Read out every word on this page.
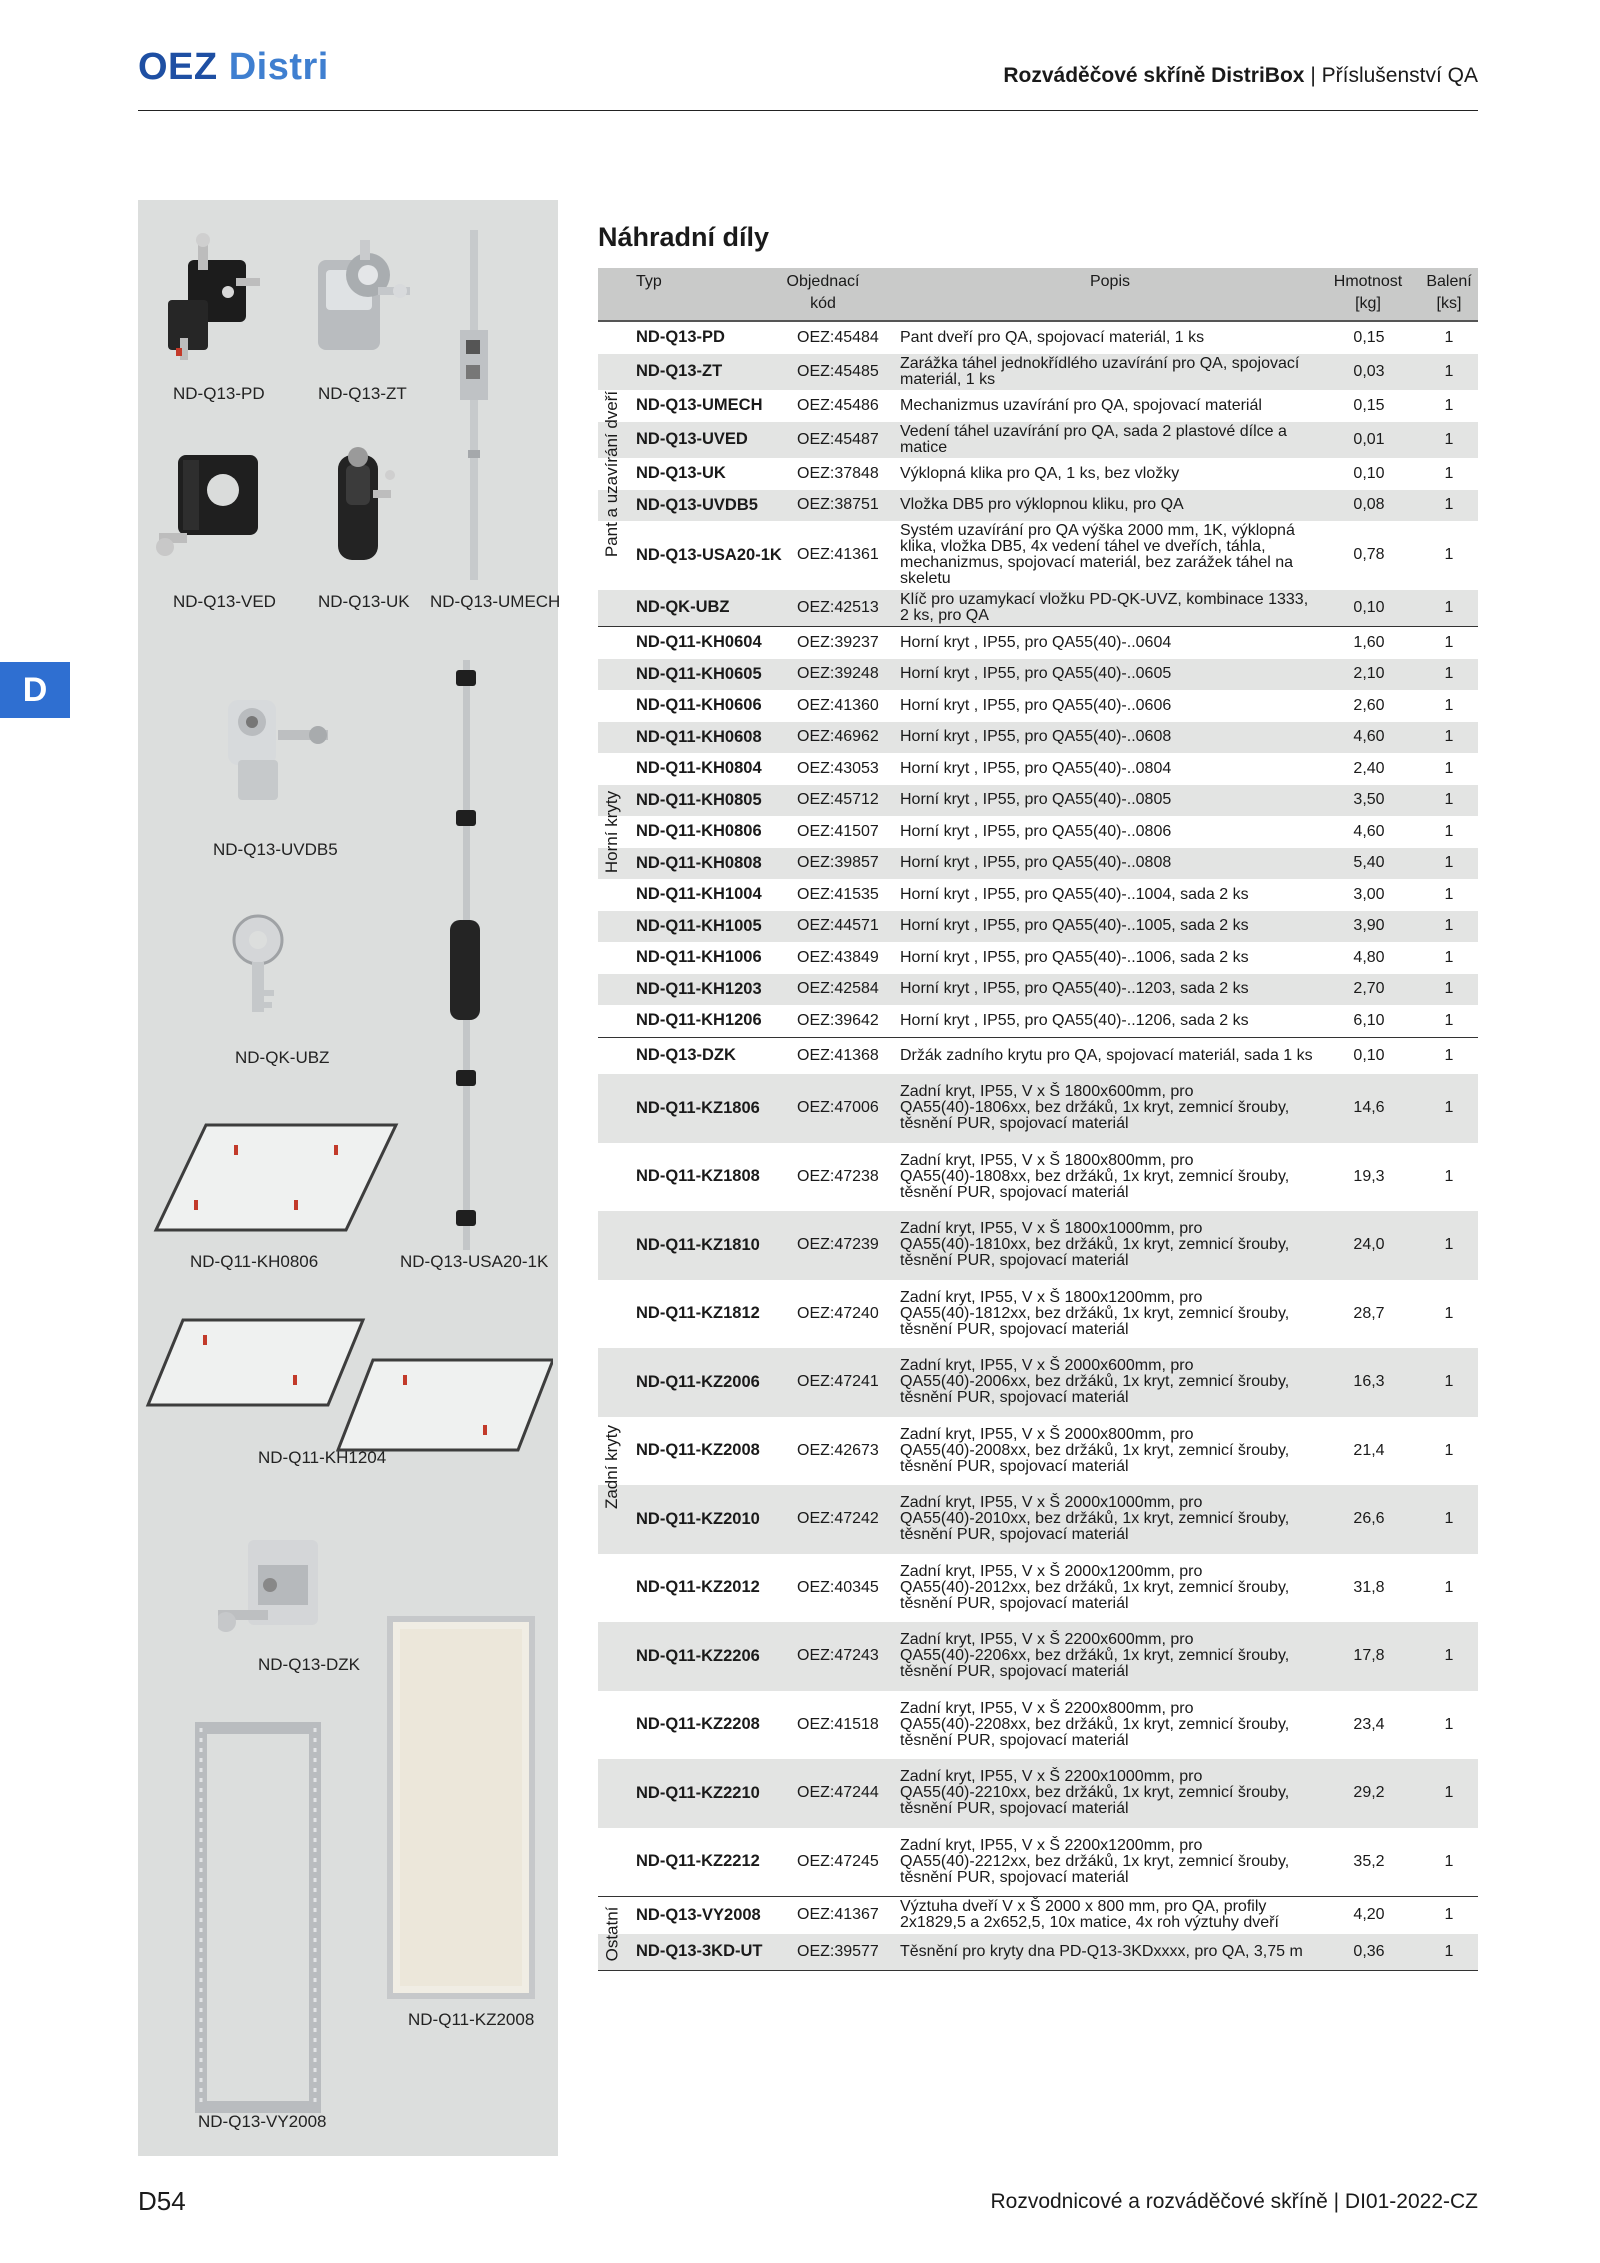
OEZ Distri	Rozváděčové skříně DistriBox | Příslušenství QA
D
ND-Q13-PD	ND-Q13-ZT
ND-Q13-VED ND-Q13-UK ND-Q13-UMECH
ND-Q13-UVDB5
ND-QK-UBZ
ND-Q11-KH0806	ND-Q13-USA20-1K
ND-Q11-KH1204
ND-Q13-DZK
ND-Q11-KZ2008
ND-Q13-VY2008
Náhradní díly
Typ	Objednací
kód
Popis	Hmotnost
[kg]
Balení
[ks]
ND-Q13-PD	OEZ:45484 Pant dveří pro QA, spojovací materiál, 1 ks	0,15	1
ND-Q13-ZT	OEZ:45485 Zarážka táhel jednokřídlého uzavírání pro QA, spojovací materiál, 1 ks	0,03	1
ND-Q13-UMECH OEZ:45486 Mechanizmus uzavírání pro QA, spojovací materiál	0,15	1
ND-Q13-UVED	OEZ:45487 Vedení táhel uzavírání pro QA, sada 2 plastové dílce a matice	0,01	1
ND-Q13-UK	OEZ:37848 Výklopná klika pro QA, 1 ks, bez vložky	0,10	1
ND-Q13-UVDB5 OEZ:38751 Vložka DB5 pro výklopnou kliku, pro QA	0,08	1
ND-Q13-USA20-1K OEZ:41361
Systém uzavírání pro QA výška 2000 mm, 1K, výklopná klika, vložka DB5, 4x vedení táhel ve dveřích, táhla, mechanizmus, spojovací materiál, bez zarážek táhel na skeletu
0,78	1
ND-QK-UBZ	OEZ:42513 Klíč pro uzamykací vložku PD-QK-UVZ, kombinace 1333, 2 ks, pro QA	0,10	1
Pant a uzavírání dveří
ND-Q11-KH0604 OEZ:39237 Horní kryt , IP55, pro QA55(40)-..0604	1,60	1
ND-Q11-KH0605 OEZ:39248 Horní kryt , IP55, pro QA55(40)-..0605	2,10	1
ND-Q11-KH0606 OEZ:41360 Horní kryt , IP55, pro QA55(40)-..0606	2,60	1
ND-Q11-KH0608 OEZ:46962 Horní kryt , IP55, pro QA55(40)-..0608	4,60	1
ND-Q11-KH0804 OEZ:43053 Horní kryt , IP55, pro QA55(40)-..0804	2,40	1
ND-Q11-KH0805 OEZ:45712 Horní kryt , IP55, pro QA55(40)-..0805	3,50	1
ND-Q11-KH0806 OEZ:41507 Horní kryt , IP55, pro QA55(40)-..0806	4,60	1
ND-Q11-KH0808 OEZ:39857 Horní kryt , IP55, pro QA55(40)-..0808	5,40	1
ND-Q11-KH1004 OEZ:41535 Horní kryt , IP55, pro QA55(40)-..1004, sada 2 ks	3,00	1
ND-Q11-KH1005 OEZ:44571 Horní kryt , IP55, pro QA55(40)-..1005, sada 2 ks	3,90	1
ND-Q11-KH1006 OEZ:43849 Horní kryt , IP55, pro QA55(40)-..1006, sada 2 ks	4,80	1
ND-Q11-KH1203 OEZ:42584 Horní kryt , IP55, pro QA55(40)-..1203, sada 2 ks	2,70	1
ND-Q11-KH1206 OEZ:39642 Horní kryt , IP55, pro QA55(40)-..1206, sada 2 ks	6,10	1
Horní kryty
ND-Q13-DZK	OEZ:41368 Držák zadního krytu pro QA, spojovací materiál, sada 1 ks	0,10	1
ND-Q11-KZ1806 OEZ:47006
Zadní kryt, IP55, V x Š 1800x600mm, pro QA55(40)-1806xx, bez držáků, 1x kryt, zemnicí šrouby, těsnění PUR, spojovací materiál
14,6	1
ND-Q11-KZ1808 OEZ:47238
Zadní kryt, IP55, V x Š 1800x800mm, pro QA55(40)-1808xx, bez držáků, 1x kryt, zemnicí šrouby, těsnění PUR, spojovací materiál
19,3	1
ND-Q11-KZ1810 OEZ:47239
Zadní kryt, IP55, V x Š 1800x1000mm, pro QA55(40)-1810xx, bez držáků, 1x kryt, zemnicí šrouby, těsnění PUR, spojovací materiál
24,0	1
ND-Q11-KZ1812 OEZ:47240
Zadní kryt, IP55, V x Š 1800x1200mm, pro QA55(40)-1812xx, bez držáků, 1x kryt, zemnicí šrouby, těsnění PUR, spojovací materiál
28,7	1
ND-Q11-KZ2006 OEZ:47241
Zadní kryt, IP55, V x Š 2000x600mm, pro QA55(40)-2006xx, bez držáků, 1x kryt, zemnicí šrouby, těsnění PUR, spojovací materiál
16,3	1
ND-Q11-KZ2008 OEZ:42673
Zadní kryt, IP55, V x Š 2000x800mm, pro QA55(40)-2008xx, bez držáků, 1x kryt, zemnicí šrouby, těsnění PUR, spojovací materiál
21,4	1
ND-Q11-KZ2010 OEZ:47242
Zadní kryt, IP55, V x Š 2000x1000mm, pro QA55(40)-2010xx, bez držáků, 1x kryt, zemnicí šrouby, těsnění PUR, spojovací materiál
26,6	1
ND-Q11-KZ2012 OEZ:40345
Zadní kryt, IP55, V x Š 2000x1200mm, pro QA55(40)-2012xx, bez držáků, 1x kryt, zemnicí šrouby, těsnění PUR, spojovací materiál
31,8	1
ND-Q11-KZ2206 OEZ:47243
Zadní kryt, IP55, V x Š 2200x600mm, pro QA55(40)-2206xx, bez držáků, 1x kryt, zemnicí šrouby, těsnění PUR, spojovací materiál
17,8	1
ND-Q11-KZ2208 OEZ:41518
Zadní kryt, IP55, V x Š 2200x800mm, pro QA55(40)-2208xx, bez držáků, 1x kryt, zemnicí šrouby, těsnění PUR, spojovací materiál
23,4	1
ND-Q11-KZ2210 OEZ:47244
Zadní kryt, IP55, V x Š 2200x1000mm, pro QA55(40)-2210xx, bez držáků, 1x kryt, zemnicí šrouby, těsnění PUR, spojovací materiál
29,2	1
ND-Q11-KZ2212 OEZ:47245
Zadní kryt, IP55, V x Š 2200x1200mm, pro QA55(40)-2212xx, bez držáků, 1x kryt, zemnicí šrouby, těsnění PUR, spojovací materiál
35,2	1
Zadní kryty
ND-Q13-VY2008 OEZ:41367 Výztuha dveří V x Š 2000 x 800 mm, pro QA, profily 2x1829,5 a 2x652,5, 10x matice, 4x roh výztuhy dveří	4,20	1
ND-Q13-3KD-UT OEZ:39577 Těsnění pro kryty dna PD-Q13-3KDxxxx, pro QA, 3,75 m	0,36	1
Ostatní
D54	Rozvodnicové a rozváděčové skříně | DI01-2022-CZ
